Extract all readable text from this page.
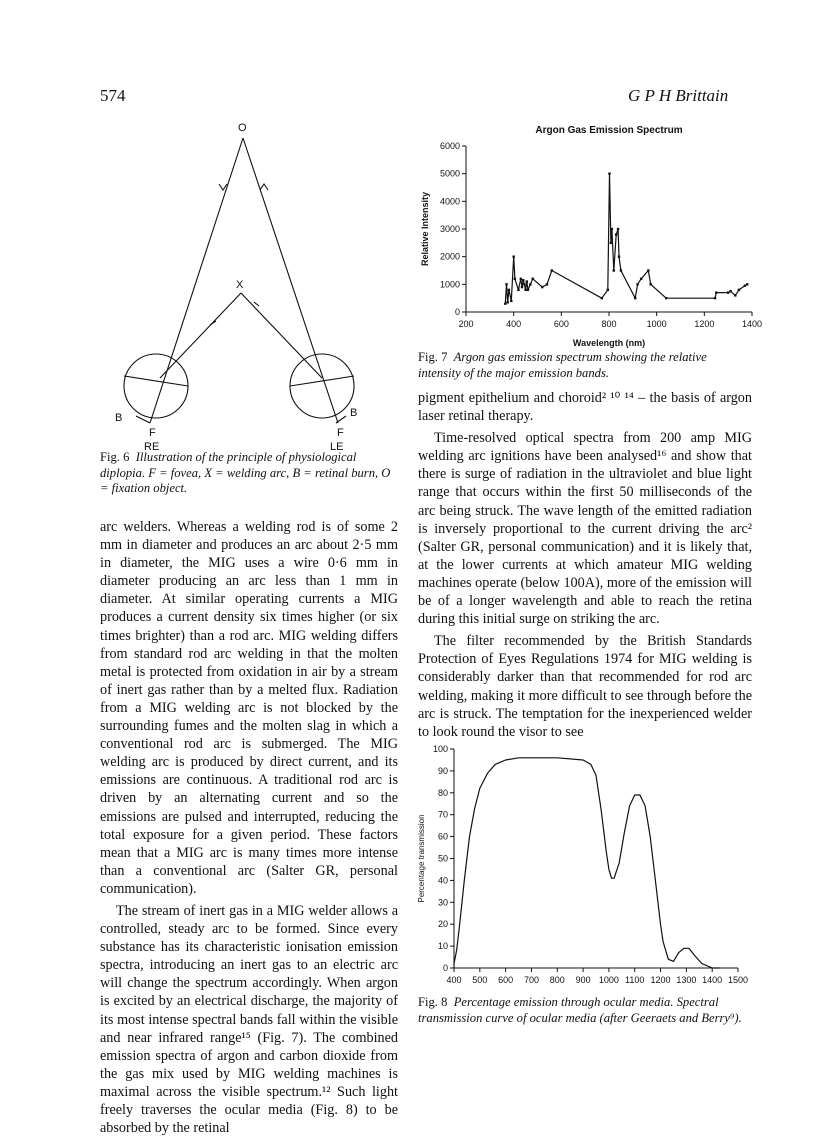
574	G P H Brittain
O
X
B	B
F	F
RE	LE
Fig. 6 Illustration of the principle of physiological diplopia. F = fovea, X = welding arc, B = retinal burn, O = fixation object.
0
1000
2000
3000
4000
5000
6000
200	400	600	800	1000	1200	1400
Argon Gas Emission Spectrum
Wavelength (nm)
Relative Intensity
Fig. 7 Argon gas emission spectrum showing the relative intensity of the major emission bands.

arc welders. Whereas a welding rod is of some 2 mm in diameter and produces an arc about 2·5 mm in diameter, the MIG uses a wire 0·6 mm in diameter producing an arc less than 1 mm in diameter. At similar operating currents a MIG produces a current density six times higher (or six times brighter) than a rod arc. MIG welding differs from standard rod arc welding in that the molten metal is protected from oxidation in air by a stream of inert gas rather than by a melted flux. Radiation from a MIG welding arc is not blocked by the surrounding fumes and the molten slag in which a conventional rod arc is submerged. The MIG welding arc is produced by direct current, and its emissions are continuous. A traditional rod arc is driven by an alternating current and so the emissions are pulsed and interrupted, reducing the total exposure for a given period. These factors mean that a MIG arc is many times more intense than a conventional arc (Salter GR, personal communication).

The stream of inert gas in a MIG welder allows a controlled, steady arc to be formed. Since every substance has its characteristic ionisation emission spectra, introducing an inert gas to an electric arc will change the spectrum accordingly. When argon is excited by an electrical discharge, the majority of its most intense spectral bands fall within the visible and near infrared range¹⁵ (Fig. 7). The combined emission spectra of argon and carbon dioxide from the gas mix used by MIG welding machines is maximal across the visible spectrum.¹² Such light freely traverses the ocular media (Fig. 8) to be absorbed by the retinal

pigment epithelium and choroid² ¹⁰ ¹⁴ – the basis of argon laser retinal therapy.

Time-resolved optical spectra from 200 amp MIG welding arc ignitions have been analysed¹⁶ and show that there is surge of radiation in the ultraviolet and blue light range that occurs within the first 50 milliseconds of the arc being struck. The wave length of the emitted radiation is inversely proportional to the current driving the arc² (Salter GR, personal communication) and it is likely that, at the lower currents at which amateur MIG welding machines operate (below 100A), more of the emission will be of a longer wavelength and able to reach the retina during this initial surge on striking the arc.

The filter recommended by the British Standards Protection of Eyes Regulations 1974 for MIG welding is considerably darker than that recommended for rod arc welding, making it more difficult to see through before the arc is struck. The temptation for the inexperienced welder to look round the visor to see

0
10
20
30
40
50
60
70
80
90
100
400 500 600 700 800 900 1000 1100 1200 1300 1400 1500
Percentage transmission
Fig. 8 Percentage emission through ocular media. Spectral transmission curve of ocular media (after Geeraets and Berry⁹).
